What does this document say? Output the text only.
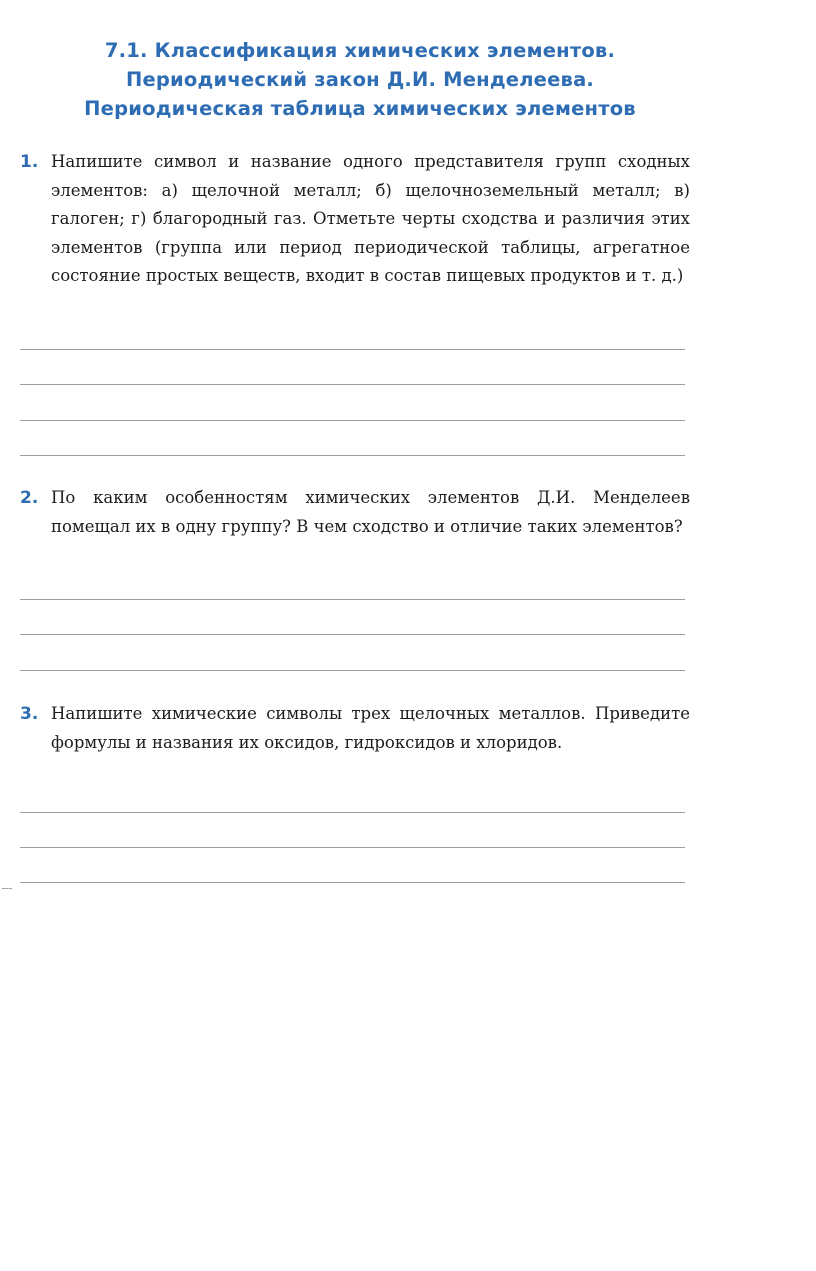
7.1. Классификация химических элементов.
Периодический закон Д.И. Менделеева.
Периодическая таблица химических элементов
1. Напишите символ и название одного представителя групп сходных элементов: а) щелочной металл; б) щелочноземельный металл; в) галоген; г) благородный газ. Отметьте черты сходства и различия этих элементов (группа или период периодической таблицы, агрегатное состояние простых веществ, входит в состав пищевых продуктов и т. д.)
2. По каким особенностям химических элементов Д.И. Менделеев помещал их в одну группу? В чем сходство и отличие таких элементов?
3. Напишите химические символы трех щелочных металлов. Приведите формулы и названия их оксидов, гидроксидов и хлоридов.
